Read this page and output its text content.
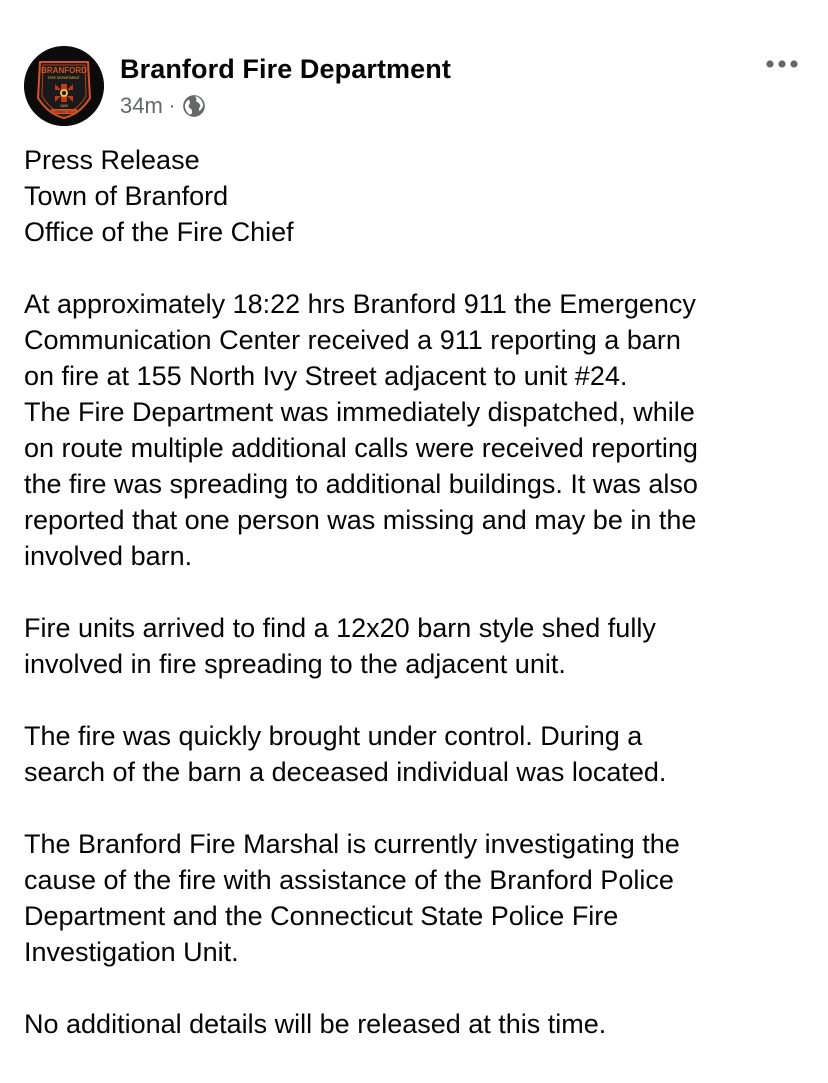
BRANFORD
FIRE DEPARTMENT
1899
CONNECTICUT
Branford Fire Department
34m ·
Press Release
Town of Branford
Office of the Fire Chief
At approximately 18:22 hrs Branford 911 the Emergency
Communication Center received a 911 reporting a barn
on fire at 155 North Ivy Street adjacent to unit #24.
The Fire Department was immediately dispatched, while
on route multiple additional calls were received reporting
the fire was spreading to additional buildings. It was also
reported that one person was missing and may be in the
involved barn.
Fire units arrived to find a 12x20 barn style shed fully
involved in fire spreading to the adjacent unit.
The fire was quickly brought under control. During a
search of the barn a deceased individual was located.
The Branford Fire Marshal is currently investigating the
cause of the fire with assistance of the Branford Police
Department and the Connecticut State Police Fire
Investigation Unit.
No additional details will be released at this time.
